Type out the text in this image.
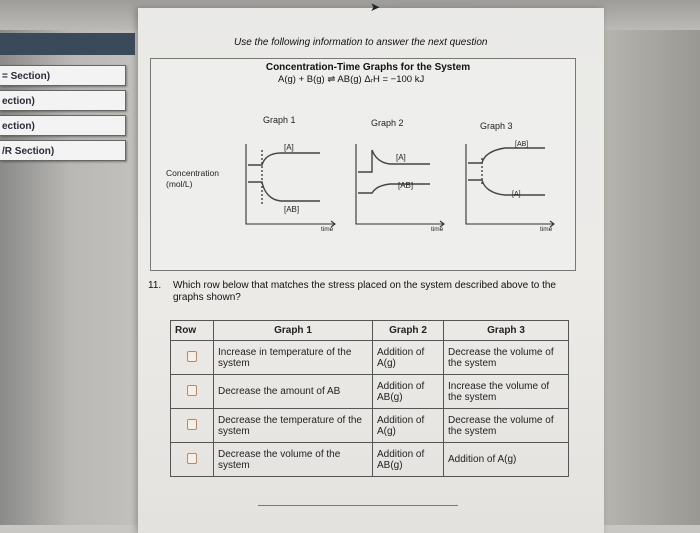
➤
= Section)
ection)
ection)
/R Section)
Use the following information to answer the next question
Concentration-Time Graphs for the System
A(g) + B(g) ⇌ AB(g) ΔᵣH = −100 kJ
Concentration
(mol/L)
Graph 1	Graph 2	Graph 3
[A]
[AB]
time
[A]
[AB]
time
[AB]
[A]
time
11. Which row below that matches the stress placed on the system described above to the graphs shown?
Row	Graph 1	Graph 2	Graph 3
	Increase in temperature of the system	Addition of A(g)	Decrease the volume of the system
	Decrease the amount of AB	Addition of AB(g)	Increase the volume of the system
	Decrease the temperature of the system	Addition of A(g)	Decrease the volume of the system
	Decrease the volume of the system	Addition of AB(g)	Addition of A(g)
